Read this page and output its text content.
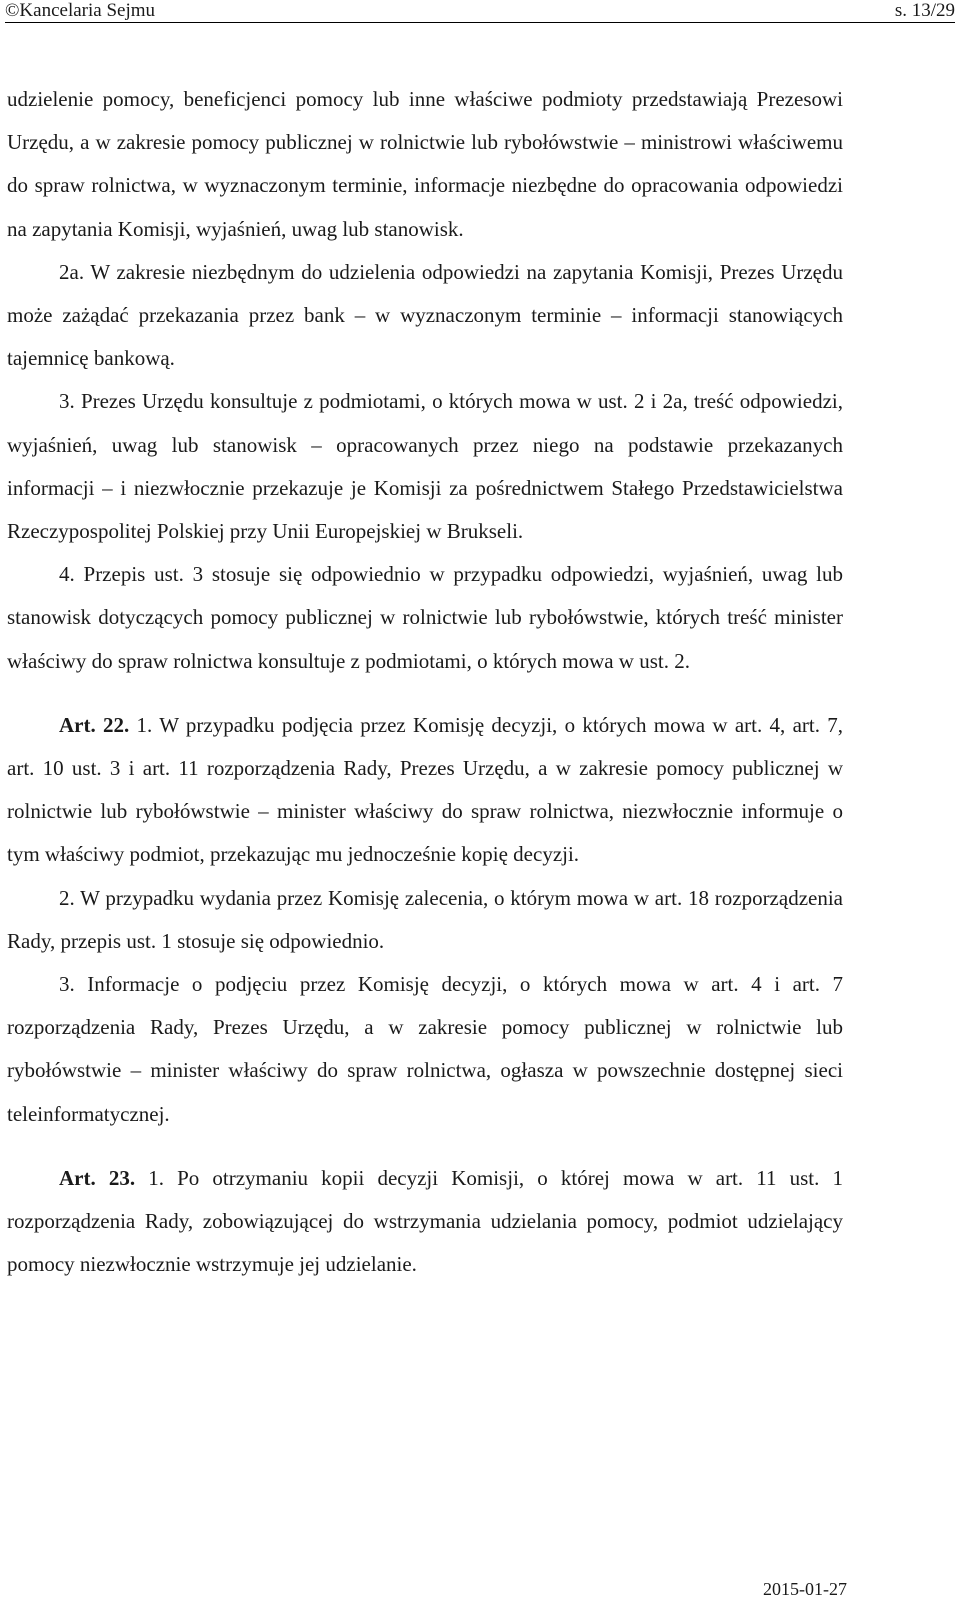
©Kancelaria Sejmu	s. 13/29

udzielenie pomocy, beneficjenci pomocy lub inne właściwe podmioty przedstawiają Prezesowi Urzędu, a w zakresie pomocy publicznej w rolnictwie lub rybołówstwie – ministrowi właściwemu do spraw rolnictwa, w wyznaczonym terminie, informacje niezbędne do opracowania odpowiedzi na zapytania Komisji, wyjaśnień, uwag lub stanowisk.

2a. W zakresie niezbędnym do udzielenia odpowiedzi na zapytania Komisji, Prezes Urzędu może zażądać przekazania przez bank – w wyznaczonym terminie – informacji stanowiących tajemnicę bankową.

3. Prezes Urzędu konsultuje z podmiotami, o których mowa w ust. 2 i 2a, treść odpowiedzi, wyjaśnień, uwag lub stanowisk – opracowanych przez niego na podstawie przekazanych informacji – i niezwłocznie przekazuje je Komisji za pośrednictwem Stałego Przedstawicielstwa Rzeczypospolitej Polskiej przy Unii Europejskiej w Brukseli.

4. Przepis ust. 3 stosuje się odpowiednio w przypadku odpowiedzi, wyjaśnień, uwag lub stanowisk dotyczących pomocy publicznej w rolnictwie lub rybołówstwie, których treść minister właściwy do spraw rolnictwa konsultuje z podmiotami, o których mowa w ust. 2.

Art. 22. 1. W przypadku podjęcia przez Komisję decyzji, o których mowa w art. 4, art. 7, art. 10 ust. 3 i art. 11 rozporządzenia Rady, Prezes Urzędu, a w zakresie pomocy publicznej w rolnictwie lub rybołówstwie – minister właściwy do spraw rolnictwa, niezwłocznie informuje o tym właściwy podmiot, przekazując mu jednocześnie kopię decyzji.

2. W przypadku wydania przez Komisję zalecenia, o którym mowa w art. 18 rozporządzenia Rady, przepis ust. 1 stosuje się odpowiednio.

3. Informacje o podjęciu przez Komisję decyzji, o których mowa w art. 4 i art. 7 rozporządzenia Rady, Prezes Urzędu, a w zakresie pomocy publicznej w rolnictwie lub rybołówstwie – minister właściwy do spraw rolnictwa, ogłasza w powszechnie dostępnej sieci teleinformatycznej.

Art. 23. 1. Po otrzymaniu kopii decyzji Komisji, o której mowa w art. 11 ust. 1 rozporządzenia Rady, zobowiązującej do wstrzymania udzielania pomocy, podmiot udzielający pomocy niezwłocznie wstrzymuje jej udzielanie.

2015-01-27
